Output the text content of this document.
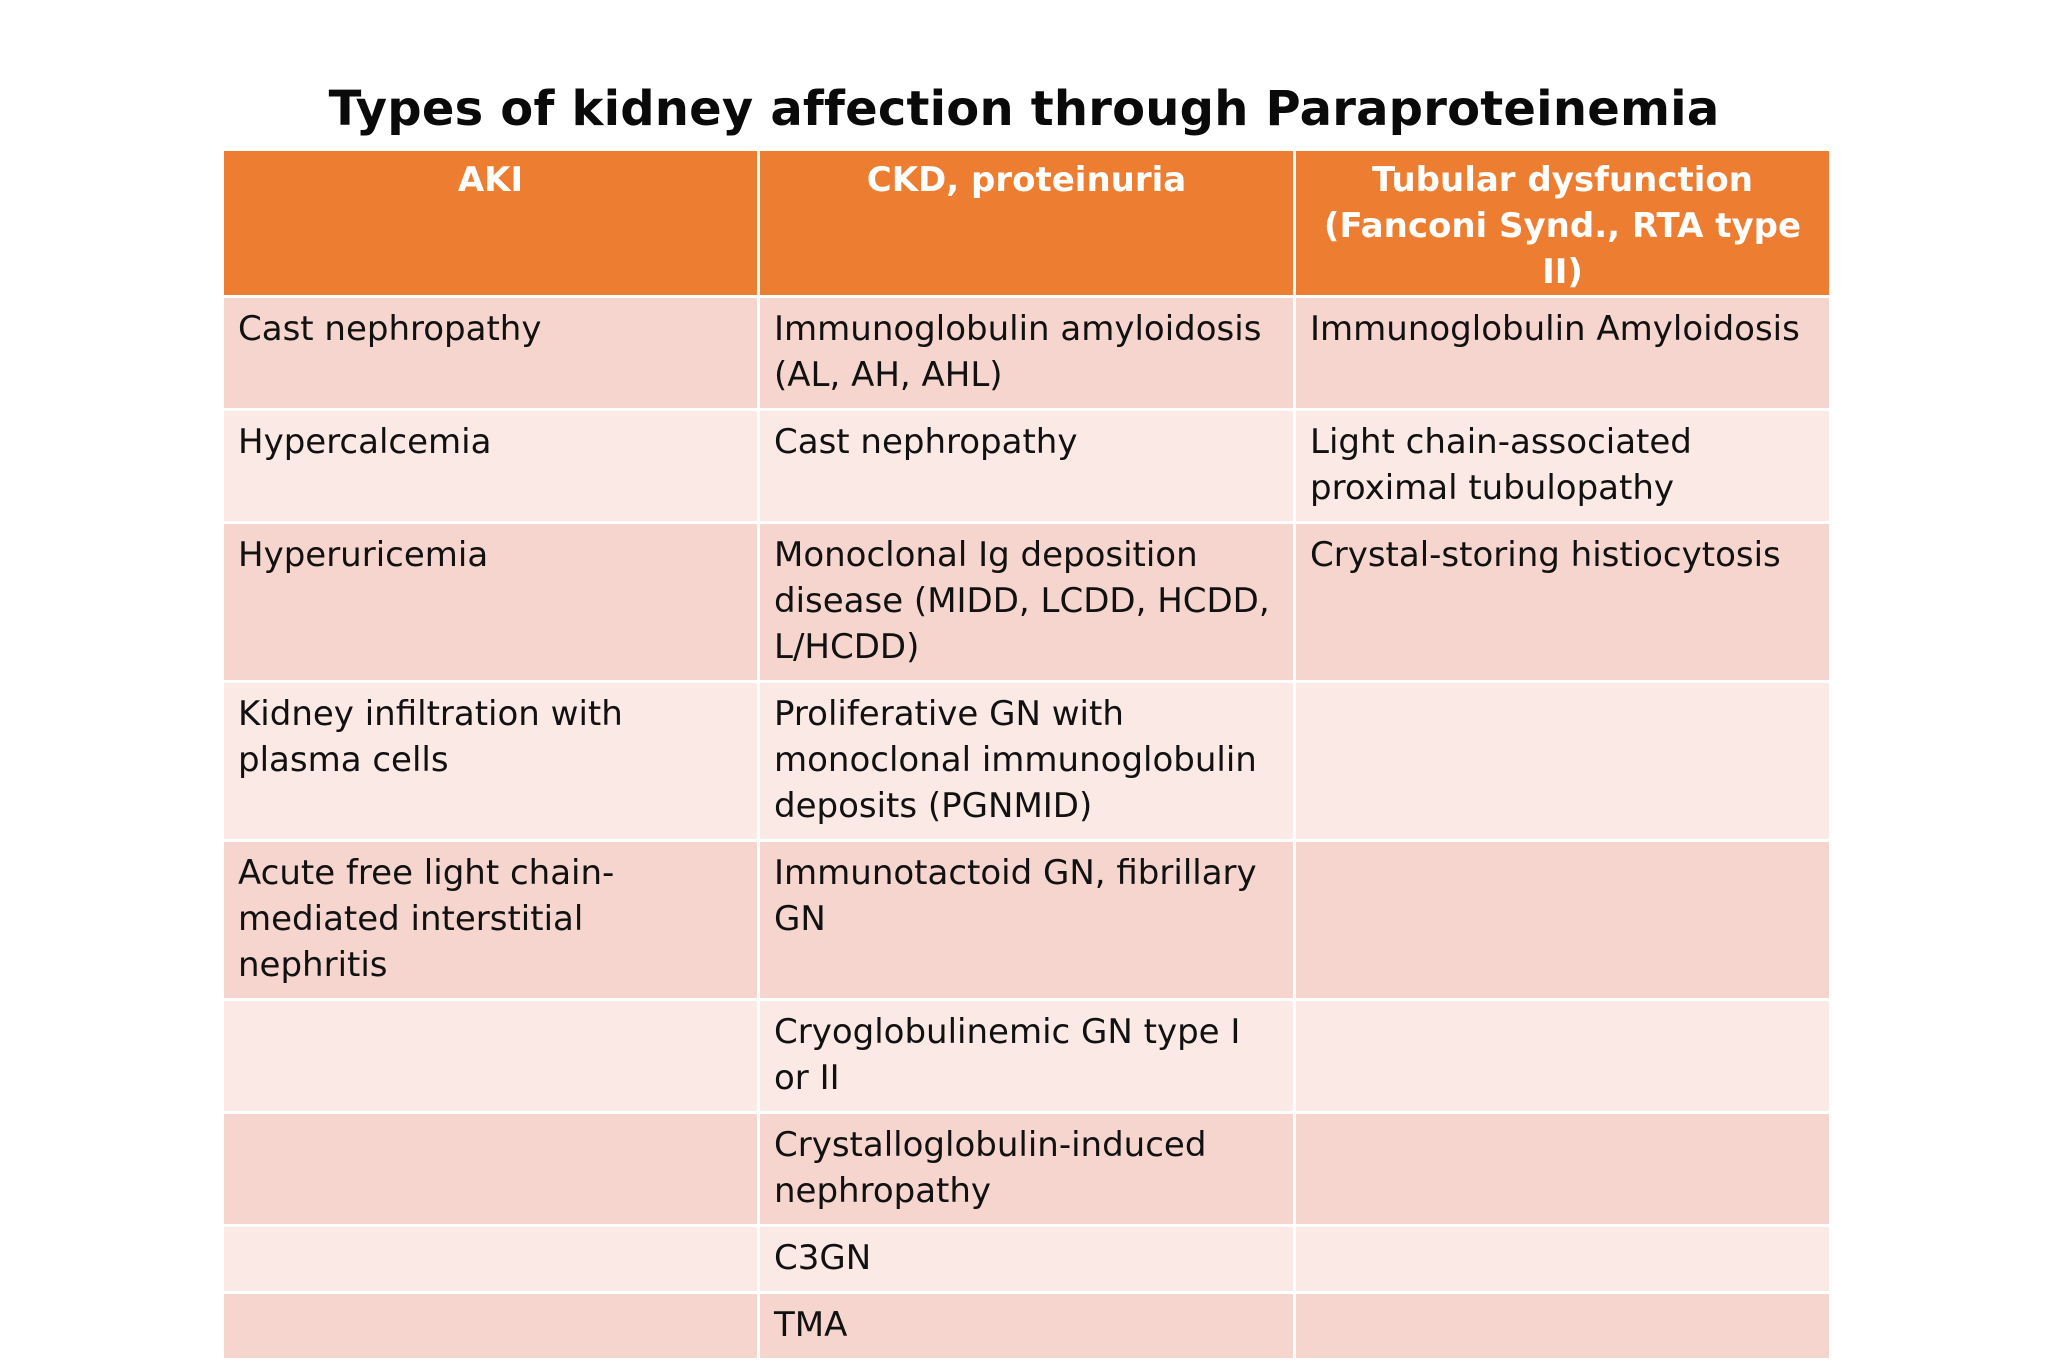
Types of kidney affection through Paraproteinemia
AKI	CKD, proteinuria	Tubular dysfunction (Fanconi Synd., RTA type II)
Cast nephropathy	Immunoglobulin amyloidosis (AL, AH, AHL)	Immunoglobulin Amyloidosis
Hypercalcemia	Cast nephropathy	Light chain-associated proximal tubulopathy
Hyperuricemia	Monoclonal Ig deposition disease (MIDD, LCDD, HCDD, L/HCDD)	Crystal-storing histiocytosis
Kidney infiltration with plasma cells	Proliferative GN with monoclonal immunoglobulin deposits (PGNMID)	
Acute free light chain-mediated interstitial nephritis	Immunotactoid GN, fibrillary GN	
	Cryoglobulinemic GN type I or II	
	Crystalloglobulin-induced nephropathy	
	C3GN	
	TMA	
